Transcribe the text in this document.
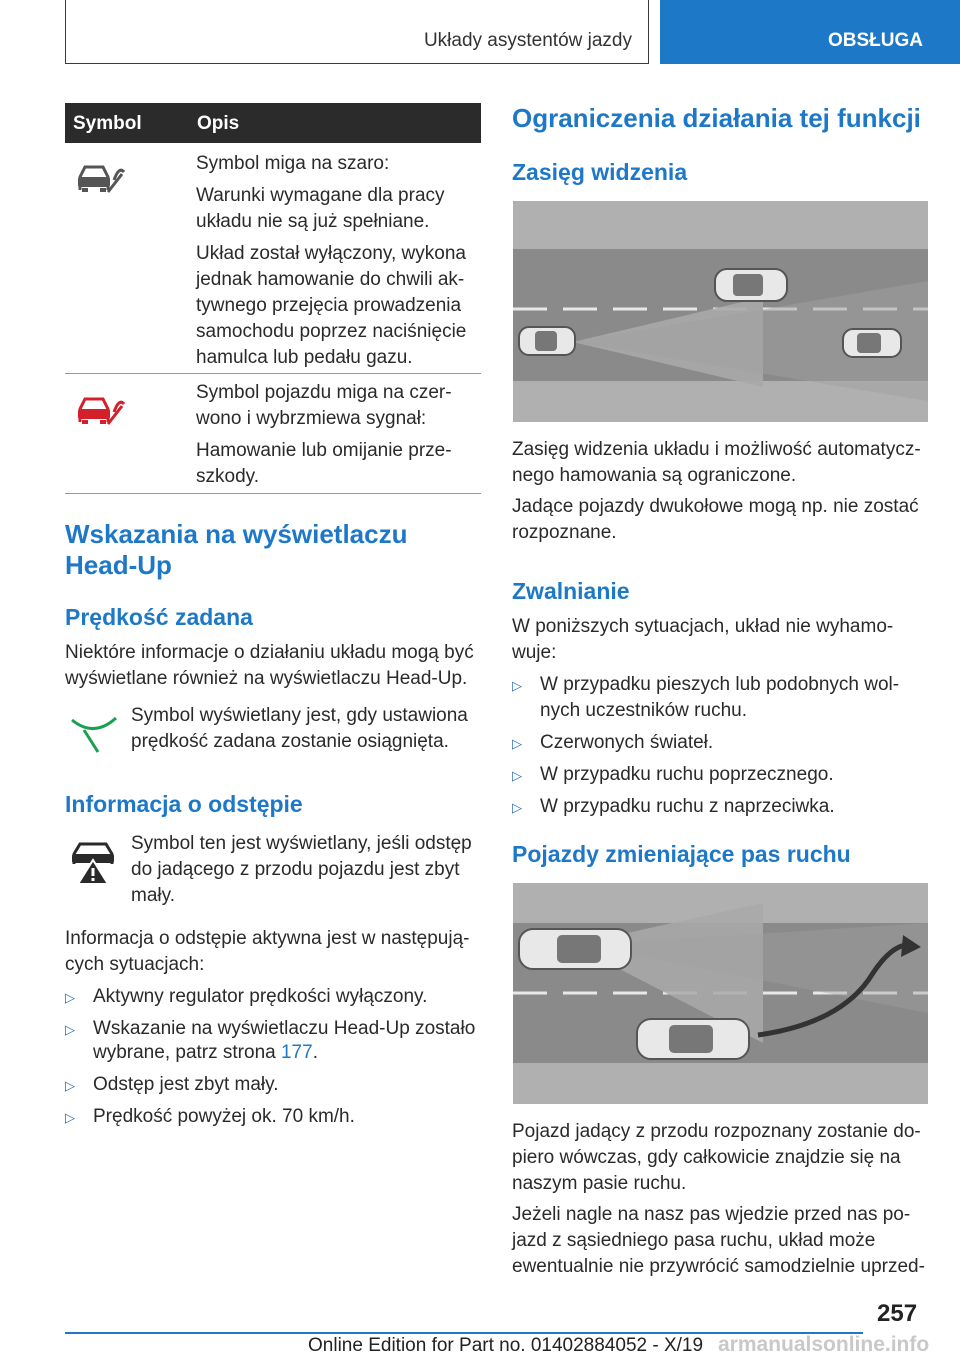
Układy asystentów jazdy	OBSŁUGA
Symbol	Opis
Symbol miga na szaro:
Warunki wymagane dla pracy
układu nie są już spełniane.
Układ został wyłączony, wykona
jednak hamowanie do chwili ak-
tywnego przejęcia prowadzenia
samochodu poprzez naciśnięcie
hamulca lub pedału gazu.
Symbol pojazdu miga na czer-
wono i wybrzmiewa sygnał:
Hamowanie lub omijanie prze-
szkody.
Wskazania na wyświetlaczu
Head-Up
Prędkość zadana
Niektóre informacje o działaniu układu mogą być
wyświetlane również na wyświetlaczu Head-Up.
Symbol wyświetlany jest, gdy ustawiona
prędkość zadana zostanie osiągnięta.
Informacja o odstępie
Symbol ten jest wyświetlany, jeśli odstęp
do jadącego z przodu pojazdu jest zbyt
mały.
Informacja o odstępie aktywna jest w następują-
cych sytuacjach:
▷ Aktywny regulator prędkości wyłączony.
▷ Wskazanie na wyświetlaczu Head-Up zostało
wybrane, patrz strona 177.
▷ Odstęp jest zbyt mały.
▷ Prędkość powyżej ok. 70 km/h.
Ograniczenia działania tej funkcji
Zasięg widzenia
Zasięg widzenia układu i możliwość automatycz-
nego hamowania są ograniczone.
Jadące pojazdy dwukołowe mogą np. nie zostać
rozpoznane.
Zwalnianie
W poniższych sytuacjach, układ nie wyhamo-
wuje:
▷ W przypadku pieszych lub podobnych wol-
nych uczestników ruchu.
▷ Czerwonych świateł.
▷ W przypadku ruchu poprzecznego.
▷ W przypadku ruchu z naprzeciwka.
Pojazdy zmieniające pas ruchu
Pojazd jadący z przodu rozpoznany zostanie do-
piero wówczas, gdy całkowicie znajdzie się na
naszym pasie ruchu.
Jeżeli nagle na nasz pas wjedzie przed nas po-
jazd z sąsiedniego pasa ruchu, układ może
ewentualnie nie przywrócić samodzielnie uprzed-
257
Online Edition for Part no. 01402884052 - X/19 armanualsonline.info
